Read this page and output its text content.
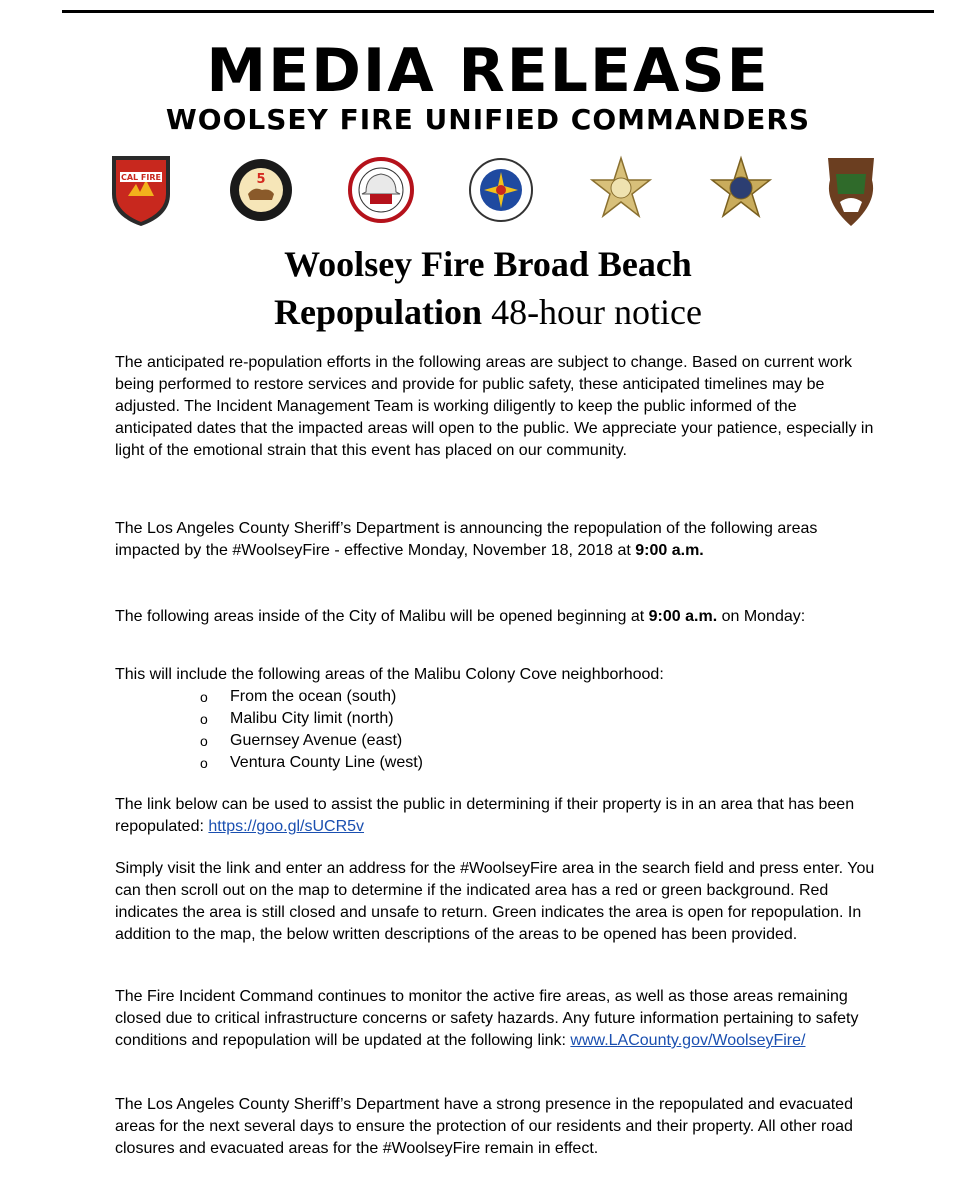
MEDIA RELEASE
WOOLSEY FIRE UNIFIED COMMANDERS
CAL FIRE	5
Woolsey Fire Broad Beach
Repopulation 48-hour notice

The anticipated re-population efforts in the following areas are subject to change. Based on current work being performed to restore services and provide for public safety, these anticipated timelines may be adjusted. The Incident Management Team is working diligently to keep the public informed of the anticipated dates that the impacted areas will open to the public. We appreciate your patience, especially in light of the emotional strain that this event has placed on our community.

The Los Angeles County Sheriff’s Department is announcing the repopulation of the following areas impacted by the #WoolseyFire - effective Monday, November 18, 2018 at 9:00 a.m.

The following areas inside of the City of Malibu will be opened beginning at 9:00 a.m. on Monday:

This will include the following areas of the Malibu Colony Cove neighborhood:

o From the ocean (south)
o Malibu City limit (north)
o Guernsey Avenue (east)
o Ventura County Line (west)

The link below can be used to assist the public in determining if their property is in an area that has been repopulated: https://goo.gl/sUCR5v

Simply visit the link and enter an address for the #WoolseyFire area in the search field and press enter. You can then scroll out on the map to determine if the indicated area has a red or green background. Red indicates the area is still closed and unsafe to return. Green indicates the area is open for repopulation. In addition to the map, the below written descriptions of the areas to be opened has been provided.

The Fire Incident Command continues to monitor the active fire areas, as well as those areas remaining closed due to critical infrastructure concerns or safety hazards. Any future information pertaining to safety conditions and repopulation will be updated at the following link: www.LACounty.gov/WoolseyFire/

The Los Angeles County Sheriff’s Department have a strong presence in the repopulated and evacuated areas for the next several days to ensure the protection of our residents and their property. All other road closures and evacuated areas for the #WoolseyFire remain in effect.
